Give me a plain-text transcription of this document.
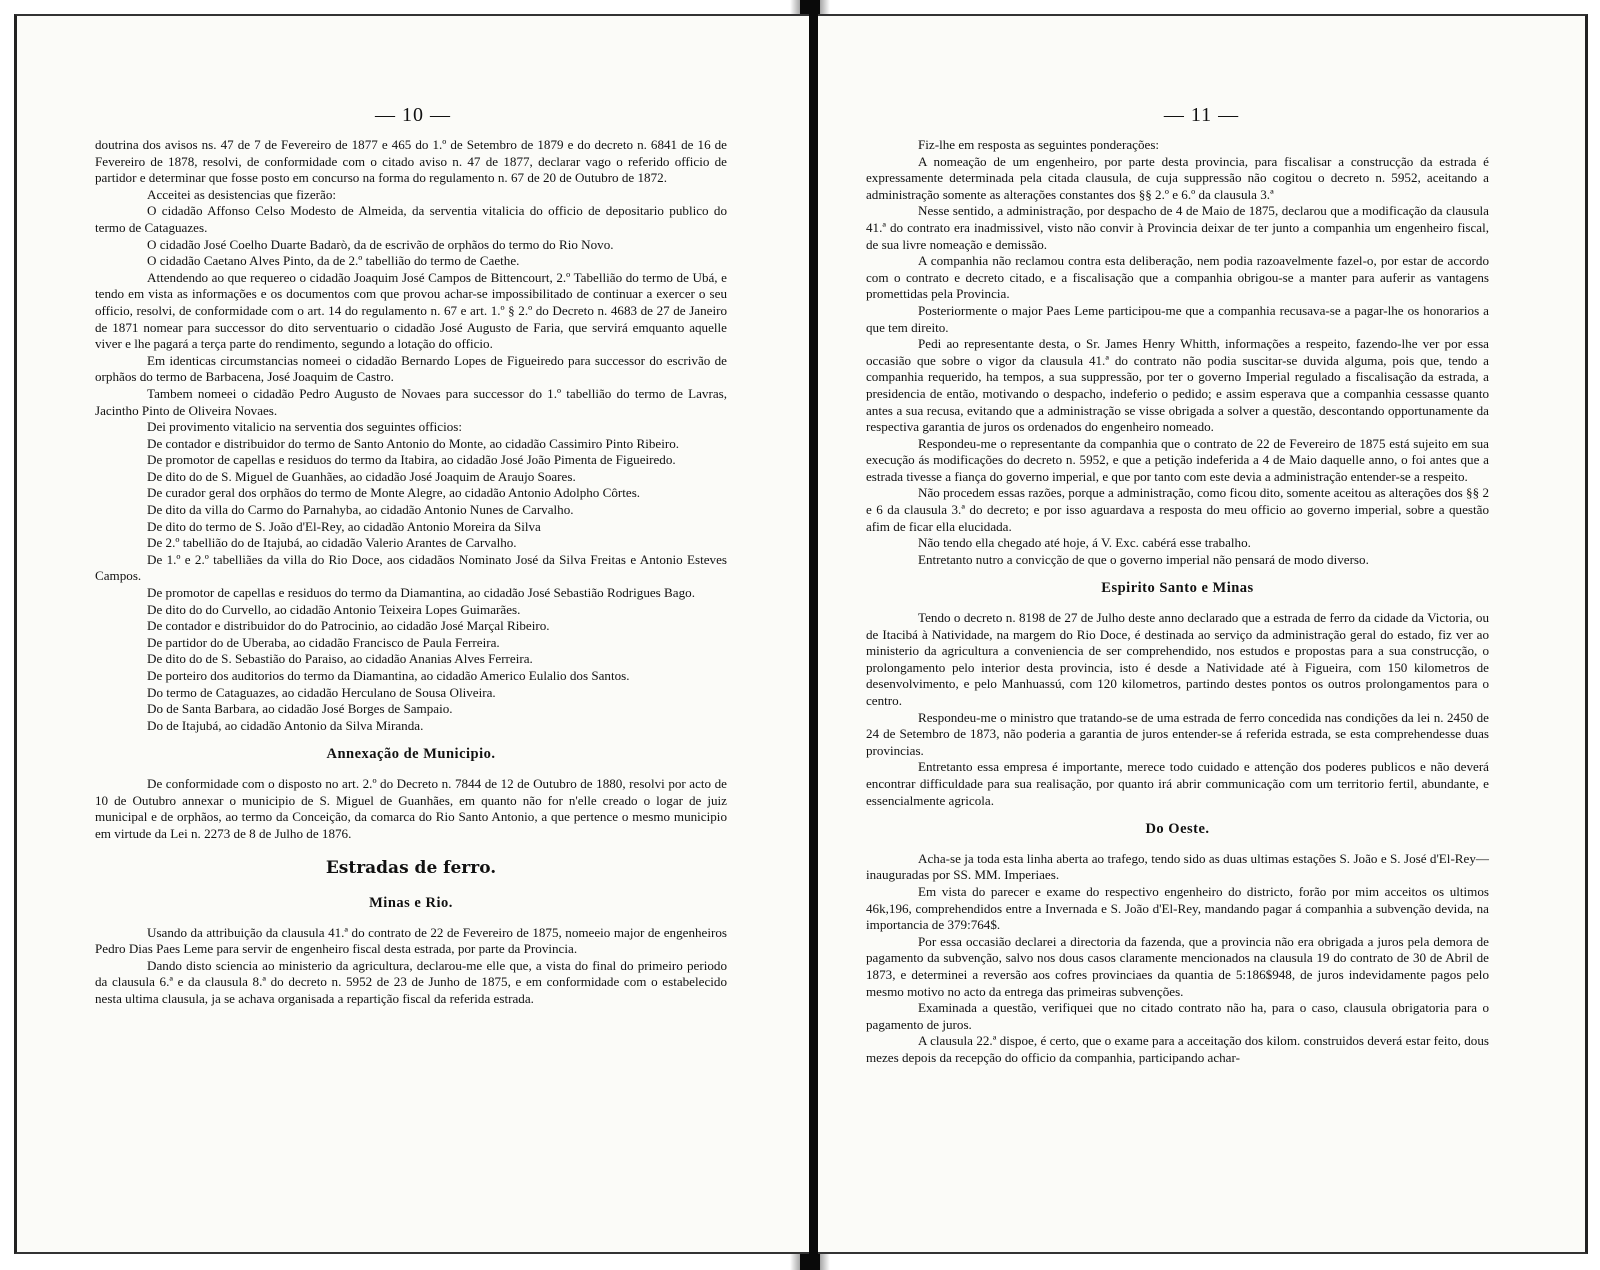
— 10 —

doutrina dos avisos ns. 47 de 7 de Fevereiro de 1877 e 465 do 1.º de Setembro de 1879 e do decreto n. 6841 de 16 de Fevereiro de 1878, resolvi, de conformidade com o citado aviso n. 47 de 1877, declarar vago o referido officio de partidor e determinar que fosse posto em concurso na forma do regulamento n. 67 de 20 de Outubro de 1872.

Acceitei as desistencias que fizerão:

O cidadão Affonso Celso Modesto de Almeida, da serventia vitalicia do officio de depositario publico do termo de Cataguazes.

O cidadão José Coelho Duarte Badarò, da de escrivão de orphãos do termo do Rio Novo.

O cidadão Caetano Alves Pinto, da de 2.º tabellião do termo de Caethe.

Attendendo ao que requereo o cidadão Joaquim José Campos de Bittencourt, 2.º Tabellião do termo de Ubá, e tendo em vista as informações e os documentos com que provou achar-se impossibilitado de continuar a exercer o seu officio, resolvi, de conformidade com o art. 14 do regulamento n. 67 e art. 1.º § 2.º do Decreto n. 4683 de 27 de Janeiro de 1871 nomear para successor do dito serventuario o cidadão José Augusto de Faria, que servirá emquanto aquelle viver e lhe pagará a terça parte do rendimento, segundo a lotação do officio.

Em identicas circumstancias nomeei o cidadão Bernardo Lopes de Figueiredo para successor do escrivão de orphãos do termo de Barbacena, José Joaquim de Castro.

Tambem nomeei o cidadão Pedro Augusto de Novaes para successor do 1.º tabellião do termo de Lavras, Jacintho Pinto de Oliveira Novaes.

Dei provimento vitalicio na serventia dos seguintes officios:

De contador e distribuidor do termo de Santo Antonio do Monte, ao cidadão Cassimiro Pinto Ribeiro.

De promotor de capellas e residuos do termo da Itabira, ao cidadão José João Pimenta de Figueiredo.

De dito do de S. Miguel de Guanhães, ao cidadão José Joaquim de Araujo Soares.

De curador geral dos orphãos do termo de Monte Alegre, ao cidadão Antonio Adolpho Côrtes.

De dito da villa do Carmo do Parnahyba, ao cidadão Antonio Nunes de Carvalho.

De dito do termo de S. João d'El-Rey, ao cidadão Antonio Moreira da Silva

De 2.º tabellião do de Itajubá, ao cidadão Valerio Arantes de Carvalho.

De 1.º e 2.º tabelliães da villa do Rio Doce, aos cidadãos Nominato José da Silva Freitas e Antonio Esteves Campos.

De promotor de capellas e residuos do termo da Diamantina, ao cidadão José Sebastião Rodrigues Bago.

De dito do do Curvello, ao cidadão Antonio Teixeira Lopes Guimarães.

De contador e distribuidor do do Patrocinio, ao cidadão José Marçal Ribeiro.

De partidor do de Uberaba, ao cidadão Francisco de Paula Ferreira.

De dito do de S. Sebastião do Paraiso, ao cidadão Ananias Alves Ferreira.

De porteiro dos auditorios do termo da Diamantina, ao cidadão Americo Eulalio dos Santos.

Do termo de Cataguazes, ao cidadão Herculano de Sousa Oliveira.

Do de Santa Barbara, ao cidadão José Borges de Sampaio.

Do de Itajubá, ao cidadão Antonio da Silva Miranda.

Annexação de Municipio.

De conformidade com o disposto no art. 2.º do Decreto n. 7844 de 12 de Outubro de 1880, resolvi por acto de 10 de Outubro annexar o municipio de S. Miguel de Guanhães, em quanto não for n'elle creado o logar de juiz municipal e de orphãos, ao termo da Conceição, da comarca do Rio Santo Antonio, a que pertence o mesmo municipio em virtude da Lei n. 2273 de 8 de Julho de 1876.

Estradas de ferro.
Minas e Rio.

Usando da attribuição da clausula 41.ª do contrato de 22 de Fevereiro de 1875, nomeeio major de engenheiros Pedro Dias Paes Leme para servir de engenheiro fiscal desta estrada, por parte da Provincia.

Dando disto sciencia ao ministerio da agricultura, declarou-me elle que, a vista do final do primeiro periodo da clausula 6.ª e da clausula 8.ª do decreto n. 5952 de 23 de Junho de 1875, e em conformidade com o estabelecido nesta ultima clausula, ja se achava organisada a repartição fiscal da referida estrada.

— 11 —

Fiz-lhe em resposta as seguintes ponderações:

A nomeação de um engenheiro, por parte desta provincia, para fiscalisar a construcção da estrada é expressamente determinada pela citada clausula, de cuja suppressão não cogitou o decreto n. 5952, aceitando a administração somente as alterações constantes dos §§ 2.º e 6.º da clausula 3.ª

Nesse sentido, a administração, por despacho de 4 de Maio de 1875, declarou que a modificação da clausula 41.ª do contrato era inadmissivel, visto não convir à Provincia deixar de ter junto a companhia um engenheiro fiscal, de sua livre nomeação e demissão.

A companhia não reclamou contra esta deliberação, nem podia razoavelmente fazel-o, por estar de accordo com o contrato e decreto citado, e a fiscalisação que a companhia obrigou-se a manter para auferir as vantagens promettidas pela Provincia.

Posteriormente o major Paes Leme participou-me que a companhia recusava-se a pagar-lhe os honorarios a que tem direito.

Pedi ao representante desta, o Sr. James Henry Whitth, informações a respeito, fazendo-lhe ver por essa occasião que sobre o vigor da clausula 41.ª do contrato não podia suscitar-se duvida alguma, pois que, tendo a companhia requerido, ha tempos, a sua suppressão, por ter o governo Imperial regulado a fiscalisação da estrada, a presidencia de então, motivando o despacho, indeferio o pedido; e assim esperava que a companhia cessasse quanto antes a sua recusa, evitando que a administração se visse obrigada a solver a questão, descontando opportunamente da respectiva garantia de juros os ordenados do engenheiro nomeado.

Respondeu-me o representante da companhia que o contrato de 22 de Fevereiro de 1875 está sujeito em sua execução ás modificações do decreto n. 5952, e que a petição indeferida a 4 de Maio daquelle anno, o foi antes que a estrada tivesse a fiança do governo imperial, e que por tanto com este devia a administração entender-se a respeito.

Não procedem essas razões, porque a administração, como ficou dito, somente aceitou as alterações dos §§ 2 e 6 da clausula 3.ª do decreto; e por isso aguardava a resposta do meu officio ao governo imperial, sobre a questão afim de ficar ella elucidada.

Não tendo ella chegado até hoje, á V. Exc. cabérá esse trabalho.

Entretanto nutro a convicção de que o governo imperial não pensará de modo diverso.

Espirito Santo e Minas

Tendo o decreto n. 8198 de 27 de Julho deste anno declarado que a estrada de ferro da cidade da Victoria, ou de Itacibá à Natividade, na margem do Rio Doce, é destinada ao serviço da administração geral do estado, fiz ver ao ministerio da agricultura a conveniencia de ser comprehendido, nos estudos e propostas para a sua construcção, o prolongamento pelo interior desta provincia, isto é desde a Natividade até à Figueira, com 150 kilometros de desenvolvimento, e pelo Manhuassú, com 120 kilometros, partindo destes pontos os outros prolongamentos para o centro.

Respondeu-me o ministro que tratando-se de uma estrada de ferro concedida nas condições da lei n. 2450 de 24 de Setembro de 1873, não poderia a garantia de juros entender-se á referida estrada, se esta comprehendesse duas provincias.

Entretanto essa empresa é importante, merece todo cuidado e attenção dos poderes publicos e não deverá encontrar difficuldade para sua realisação, por quanto irá abrir communicação com um territorio fertil, abundante, e essencialmente agricola.

Do Oeste.

Acha-se ja toda esta linha aberta ao trafego, tendo sido as duas ultimas estações S. João e S. José d'El-Rey—inauguradas por SS. MM. Imperiaes.

Em vista do parecer e exame do respectivo engenheiro do districto, forão por mim acceitos os ultimos 46k,196, comprehendidos entre a Invernada e S. João d'El-Rey, mandando pagar á companhia a subvenção devida, na importancia de 379:764$.

Por essa occasião declarei a directoria da fazenda, que a provincia não era obrigada a juros pela demora de pagamento da subvenção, salvo nos dous casos claramente mencionados na clausula 19 do contrato de 30 de Abril de 1873, e determinei a reversão aos cofres provinciaes da quantia de 5:186$948, de juros indevidamente pagos pelo mesmo motivo no acto da entrega das primeiras subvenções.

Examinada a questão, verifiquei que no citado contrato não ha, para o caso, clausula obrigatoria para o pagamento de juros.

A clausula 22.ª dispoe, é certo, que o exame para a acceitação dos kilom. construidos deverá estar feito, dous mezes depois da recepção do officio da companhia, participando achar-
